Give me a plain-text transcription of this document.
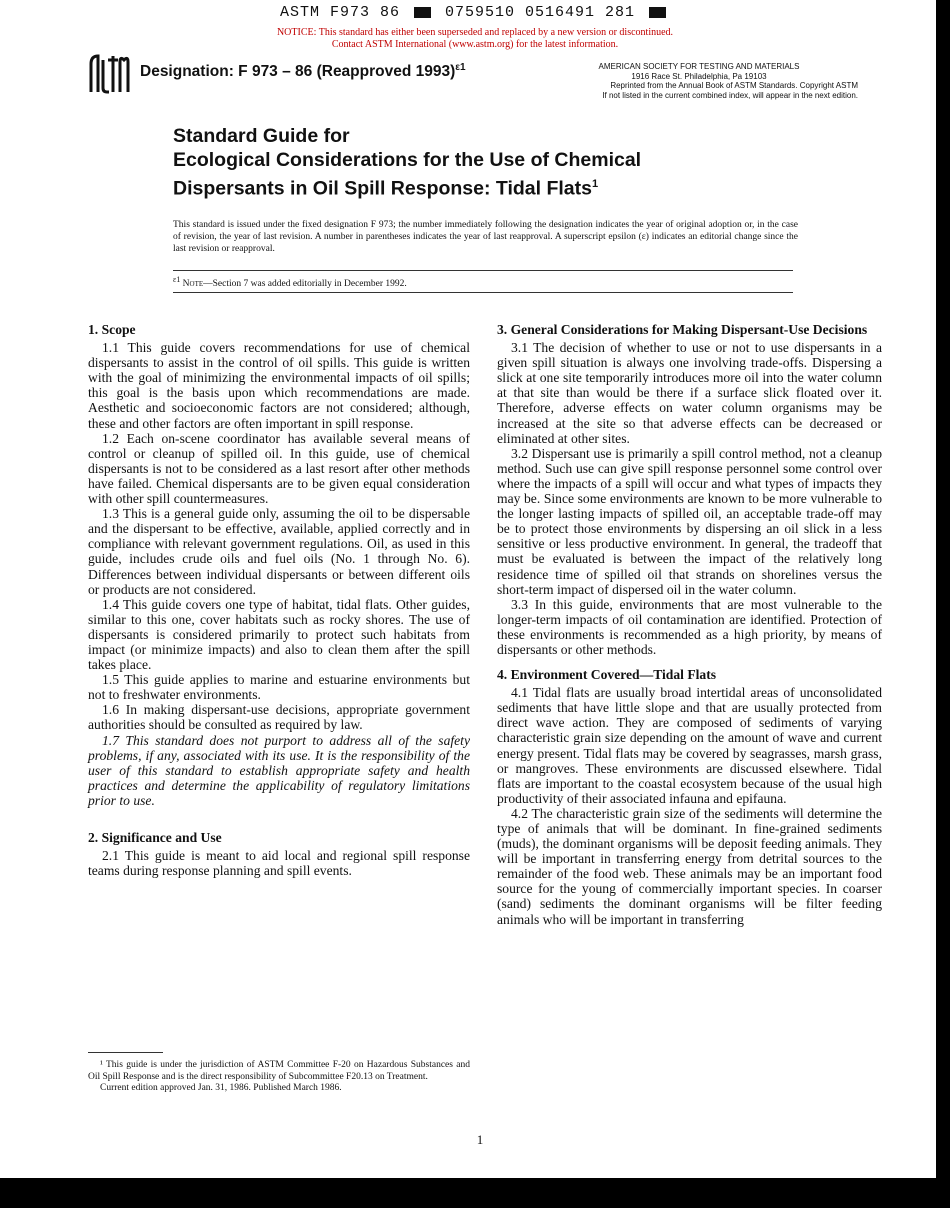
ASTM F973 86	0759510 0516491 281
NOTICE: This standard has either been superseded and replaced by a new version or discontinued.
Contact ASTM International (www.astm.org) for the latest information.
Designation: F 973 – 86 (Reapproved 1993)$^{\varepsilon 1}$	AMERICAN SOCIETY FOR TESTING AND MATERIALS
1916 Race St. Philadelphia, Pa 19103
Reprinted from the Annual Book of ASTM Standards. Copyright ASTM
If not listed in the current combined index, will appear in the next edition.
Standard Guide for
Ecological Considerations for the Use of Chemical
Dispersants in Oil Spill Response: Tidal Flats$^1$
This standard is issued under the fixed designation F 973; the number immediately following the designation indicates the year of original adoption or, in the case of revision, the year of last revision. A number in parentheses indicates the year of last reapproval. A superscript epsilon (ε) indicates an editorial change since the last revision or reapproval.
$^{\varepsilon 1}$ Note—Section 7 was added editorially in December 1992.
1. Scope

1.1 This guide covers recommendations for use of chemical dispersants to assist in the control of oil spills. This guide is written with the goal of minimizing the environmental impacts of oil spills; this goal is the basis upon which recommendations are made. Aesthetic and socioeconomic factors are not considered; although, these and other factors are often important in spill response.

1.2 Each on-scene coordinator has available several means of control or cleanup of spilled oil. In this guide, use of chemical dispersants is not to be considered as a last resort after other methods have failed. Chemical dispersants are to be given equal consideration with other spill countermeasures.

1.3 This is a general guide only, assuming the oil to be dispersable and the dispersant to be effective, available, applied correctly and in compliance with relevant government regulations. Oil, as used in this guide, includes crude oils and fuel oils (No. 1 through No. 6). Differences between individual dispersants or between different oils or products are not considered.

1.4 This guide covers one type of habitat, tidal flats. Other guides, similar to this one, cover habitats such as rocky shores. The use of dispersants is considered primarily to protect such habitats from impact (or minimize impacts) and also to clean them after the spill takes place.

1.5 This guide applies to marine and estuarine environments but not to freshwater environments.

1.6 In making dispersant-use decisions, appropriate government authorities should be consulted as required by law.

1.7 This standard does not purport to address all of the safety problems, if any, associated with its use. It is the responsibility of the user of this standard to establish appropriate safety and health practices and determine the applicability of regulatory limitations prior to use.

2. Significance and Use

2.1 This guide is meant to aid local and regional spill response teams during response planning and spill events.

3. General Considerations for Making Dispersant-Use Decisions

3.1 The decision of whether to use or not to use dispersants in a given spill situation is always one involving trade-offs. Dispersing a slick at one site temporarily introduces more oil into the water column at that site than would be there if a surface slick floated over it. Therefore, adverse effects on water column organisms may be increased at the site so that adverse effects can be decreased or eliminated at other sites.

3.2 Dispersant use is primarily a spill control method, not a cleanup method. Such use can give spill response personnel some control over where the impacts of a spill will occur and what types of impacts they may be. Since some environments are known to be more vulnerable to the longer lasting impacts of spilled oil, an acceptable trade-off may be to protect those environments by dispersing an oil slick in a less sensitive or less productive environment. In general, the tradeoff that must be evaluated is between the impact of the relatively long residence time of spilled oil that strands on shorelines versus the short-term impact of dispersed oil in the water column.

3.3 In this guide, environments that are most vulnerable to the longer-term impacts of oil contamination are identified. Protection of these environments is recommended as a high priority, by means of dispersants or other methods.

4. Environment Covered—Tidal Flats

4.1 Tidal flats are usually broad intertidal areas of unconsolidated sediments that have little slope and that are usually protected from direct wave action. They are composed of sediments of varying characteristic grain size depending on the amount of wave and current energy present. Tidal flats may be covered by seagrasses, marsh grass, or mangroves. These environments are discussed elsewhere. Tidal flats are important to the coastal ecosystem because of the usual high productivity of their associated infauna and epifauna.

4.2 The characteristic grain size of the sediments will determine the type of animals that will be dominant. In fine-grained sediments (muds), the dominant organisms will be deposit feeding animals. They will be important in transferring energy from detrital sources to the remainder of the food web. These animals may be an important food source for the young of commercially important species. In coarser (sand) sediments the dominant organisms will be filter feeding animals who will be important in transferring

¹ This guide is under the jurisdiction of ASTM Committee F-20 on Hazardous Substances and Oil Spill Response and is the direct responsibility of Subcommittee F20.13 on Treatment.

Current edition approved Jan. 31, 1986. Published March 1986.

1
